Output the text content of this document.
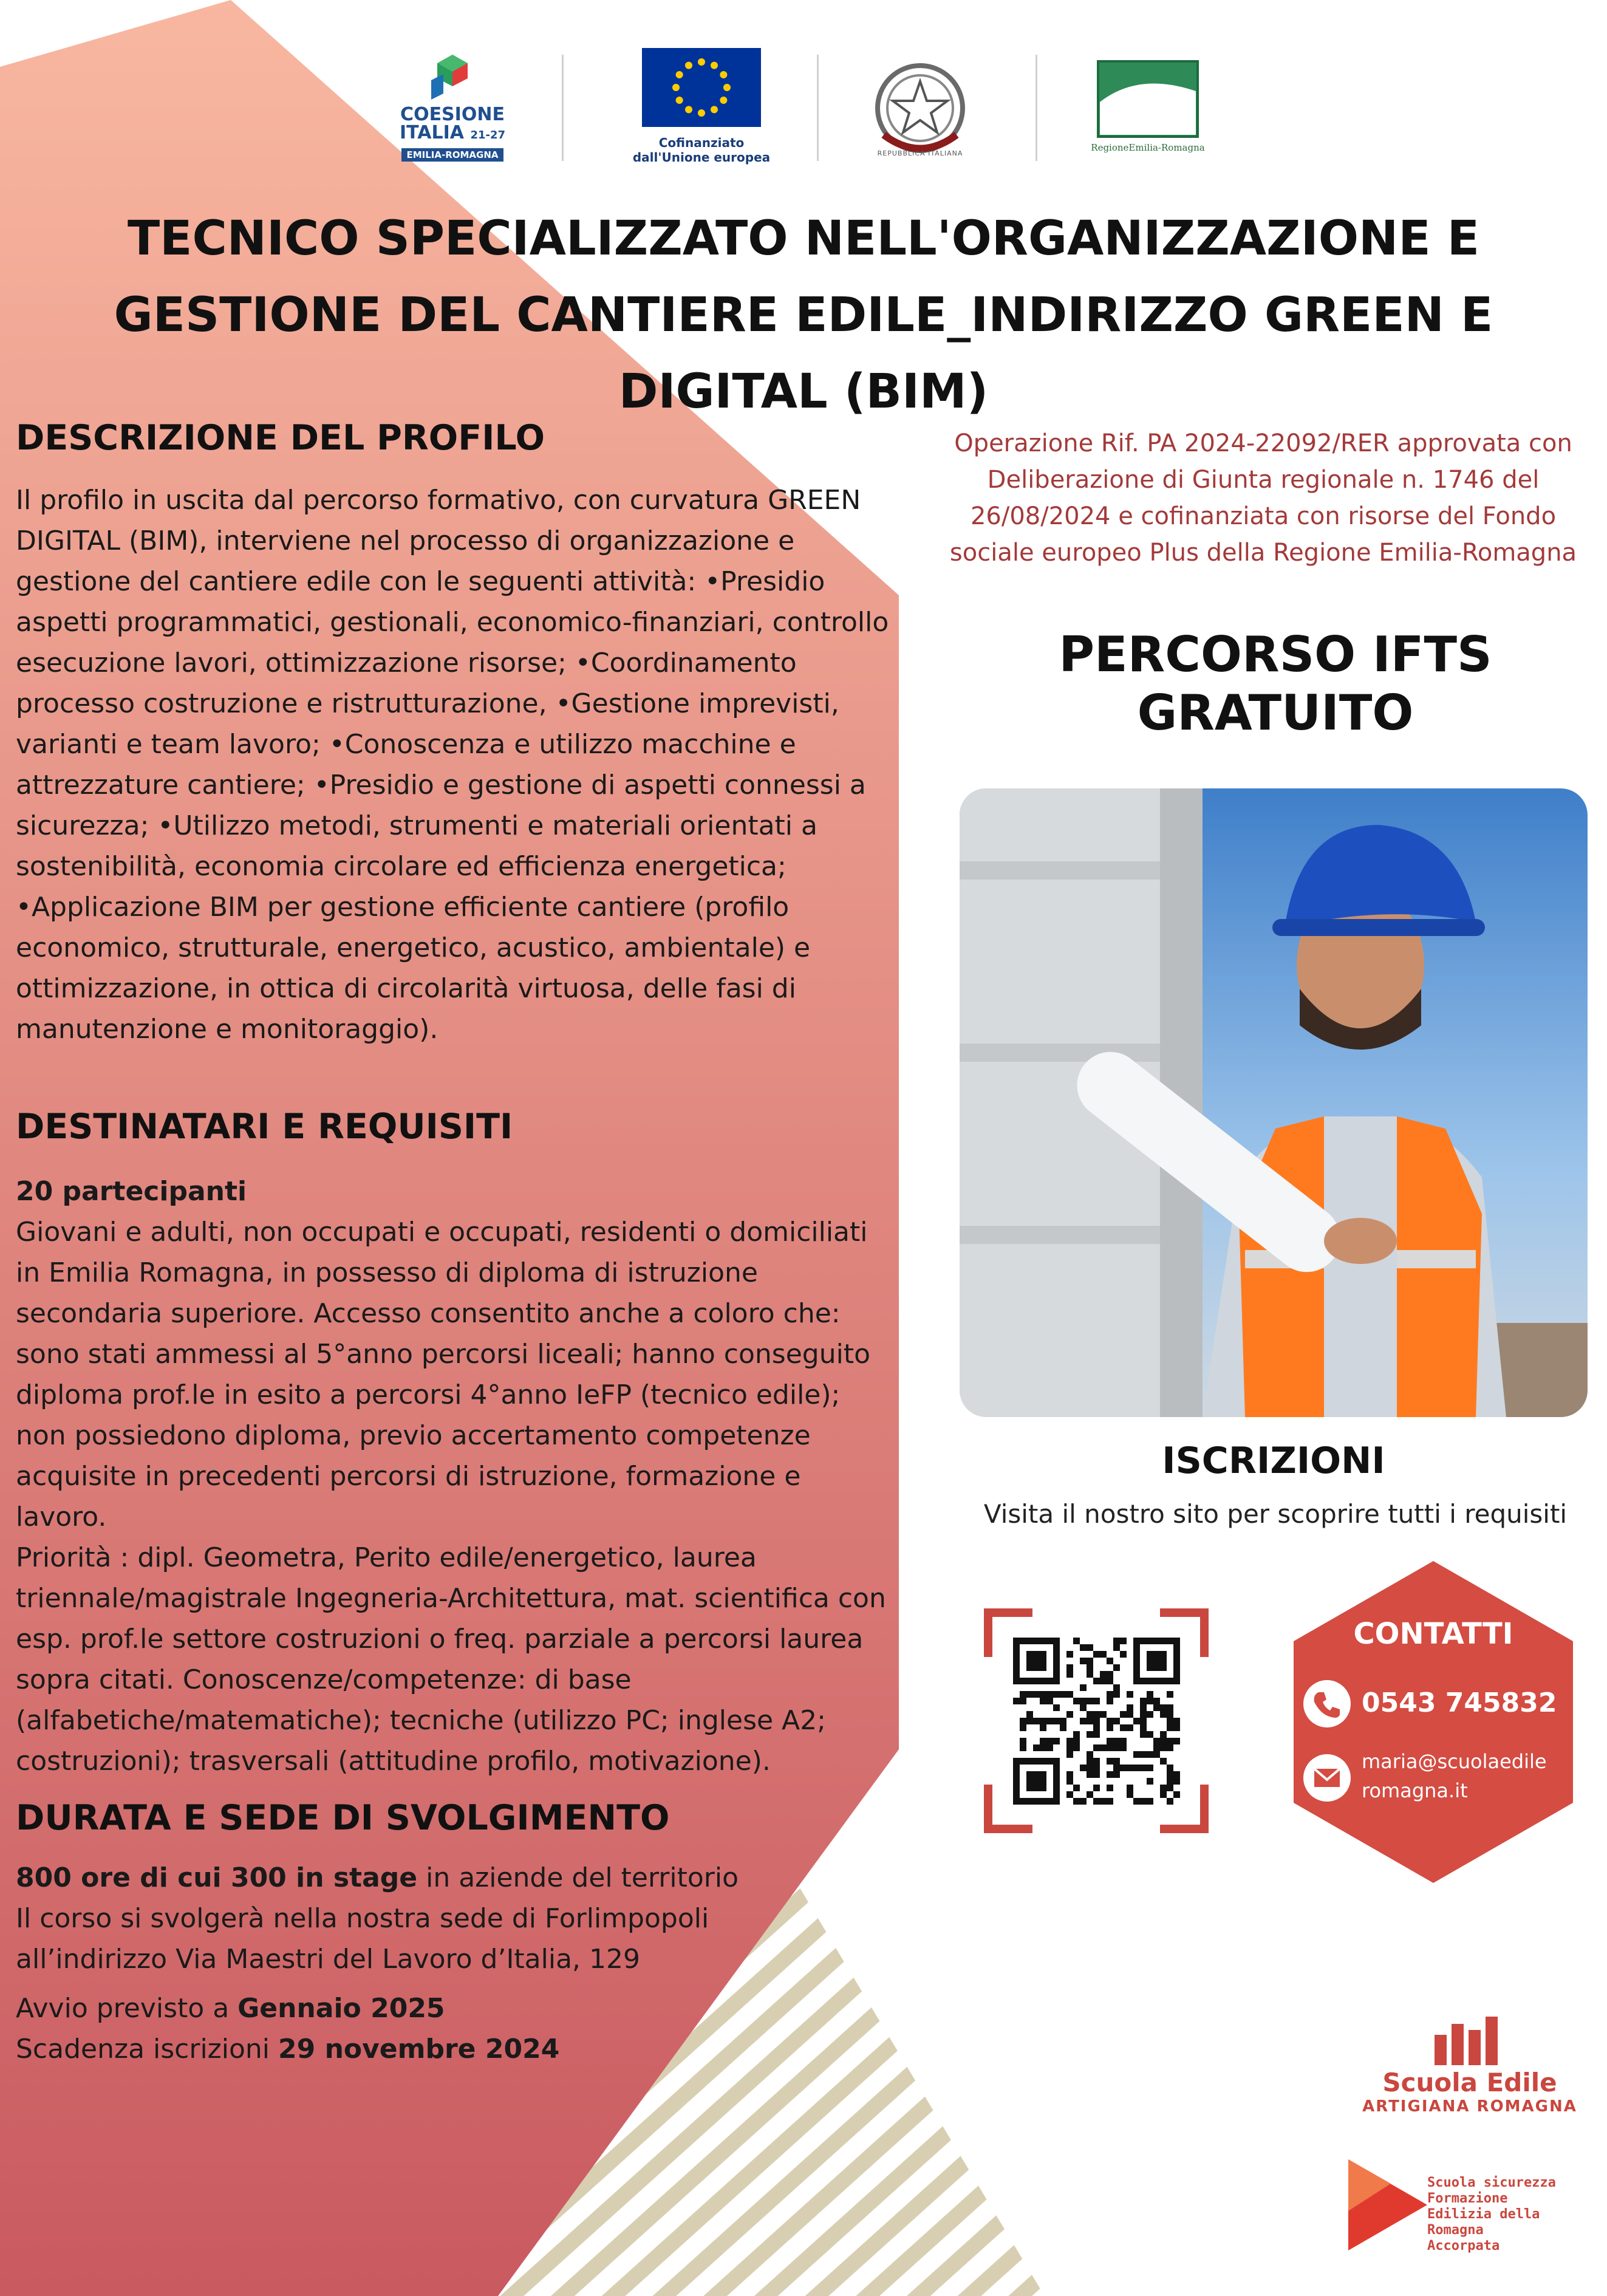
COESIONE
ITALIA 21-27
EMILIA-ROMAGNA
Cofinanziato
dall'Unione europea	REPUBBLICA ITALIANA	RegioneEmilia-Romagna
TECNICO SPECIALIZZATO NELL'ORGANIZZAZIONE E
GESTIONE DEL CANTIERE EDILE_INDIRIZZO GREEN E
DIGITAL (BIM)
DESCRIZIONE DEL PROFILO

Il profilo in uscita dal percorso formativo, con curvatura GREEN DIGITAL (BIM), interviene nel processo di organizzazione e gestione del cantiere edile con le seguenti attività: •Presidio aspetti programmatici, gestionali, economico-finanziari, controllo esecuzione lavori, ottimizzazione risorse; •Coordinamento processo costruzione e ristrutturazione, •Gestione imprevisti, varianti e team lavoro; •Conoscenza e utilizzo macchine e attrezzature cantiere; •Presidio e gestione di aspetti connessi a sicurezza; •Utilizzo metodi, strumenti e materiali orientati a sostenibilità, economia circolare ed efficienza energetica; •Applicazione BIM per gestione efficiente cantiere (profilo economico, strutturale, energetico, acustico, ambientale) e ottimizzazione, in ottica di circolarità virtuosa, delle fasi di manutenzione e monitoraggio).

DESTINATARI E REQUISITI

20 partecipanti

Giovani e adulti, non occupati e occupati, residenti o domiciliati in Emilia Romagna, in possesso di diploma di istruzione secondaria superiore. Accesso consentito anche a coloro che: sono stati ammessi al 5°anno percorsi liceali; hanno conseguito diploma prof.le in esito a percorsi 4°anno IeFP (tecnico edile); non possiedono diploma, previo accertamento competenze acquisite in precedenti percorsi di istruzione, formazione e lavoro.

Priorità : dipl. Geometra, Perito edile/energetico, laurea triennale/magistrale Ingegneria-Architettura, mat. scientifica con esp. prof.le settore costruzioni o freq. parziale a percorsi laurea sopra citati. Conoscenze/competenze: di base (alfabetiche/matematiche); tecniche (utilizzo PC; inglese A2; costruzioni); trasversali (attitudine profilo, motivazione).

DURATA E SEDE DI SVOLGIMENTO

800 ore di cui 300 in stage in aziende del territorio

Il corso si svolgerà nella nostra sede di Forlimpopoli all’indirizzo Via Maestri del Lavoro d’Italia, 129

Avvio previsto a Gennaio 2025

Scadenza iscrizioni 29 novembre 2024

Operazione Rif. PA 2024-22092/RER approvata con Deliberazione di Giunta regionale n. 1746 del 26/08/2024 e cofinanziata con risorse del Fondo sociale europeo Plus della Regione Emilia-Romagna
PERCORSO IFTS
GRATUITO
ISCRIZIONI
Visita il nostro sito per scoprire tutti i requisiti
CONTATTI
0543 745832
maria@scuolaedile
romagna.it
Scuola Edile
ARTIGIANA ROMAGNA
Scuola sicurezza
Formazione
Edilizia della
Romagna
Accorpata
